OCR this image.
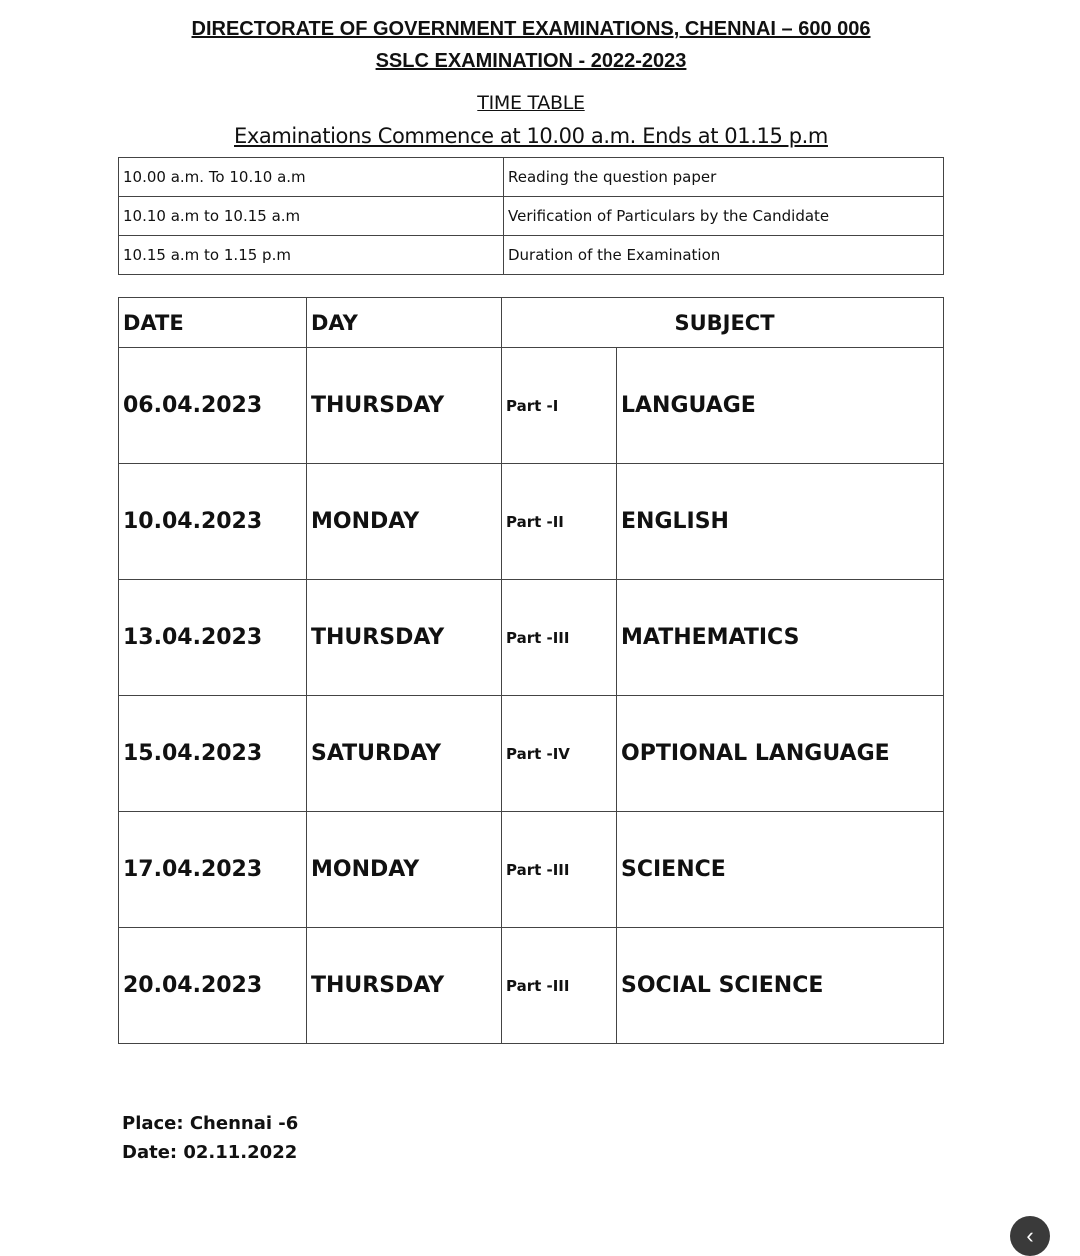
DIRECTORATE OF GOVERNMENT EXAMINATIONS, CHENNAI – 600 006
SSLC EXAMINATION - 2022-2023
TIME TABLE
Examinations Commence at 10.00 a.m. Ends at 01.15 p.m
10.00 a.m. To 10.10 a.m	Reading the question paper
10.10 a.m to 10.15 a.m	Verification of Particulars by the Candidate
10.15 a.m to 1.15 p.m	Duration of the Examination
DATE	DAY	SUBJECT	
06.04.2023	THURSDAY	Part -I	LANGUAGE
10.04.2023	MONDAY	Part -II	ENGLISH
13.04.2023	THURSDAY	Part -III	MATHEMATICS
15.04.2023	SATURDAY	Part -IV	OPTIONAL LANGUAGE
17.04.2023	MONDAY	Part -III	SCIENCE
20.04.2023	THURSDAY	Part -III	SOCIAL SCIENCE
Place: Chennai -6
Date: 02.11.2022
‹
